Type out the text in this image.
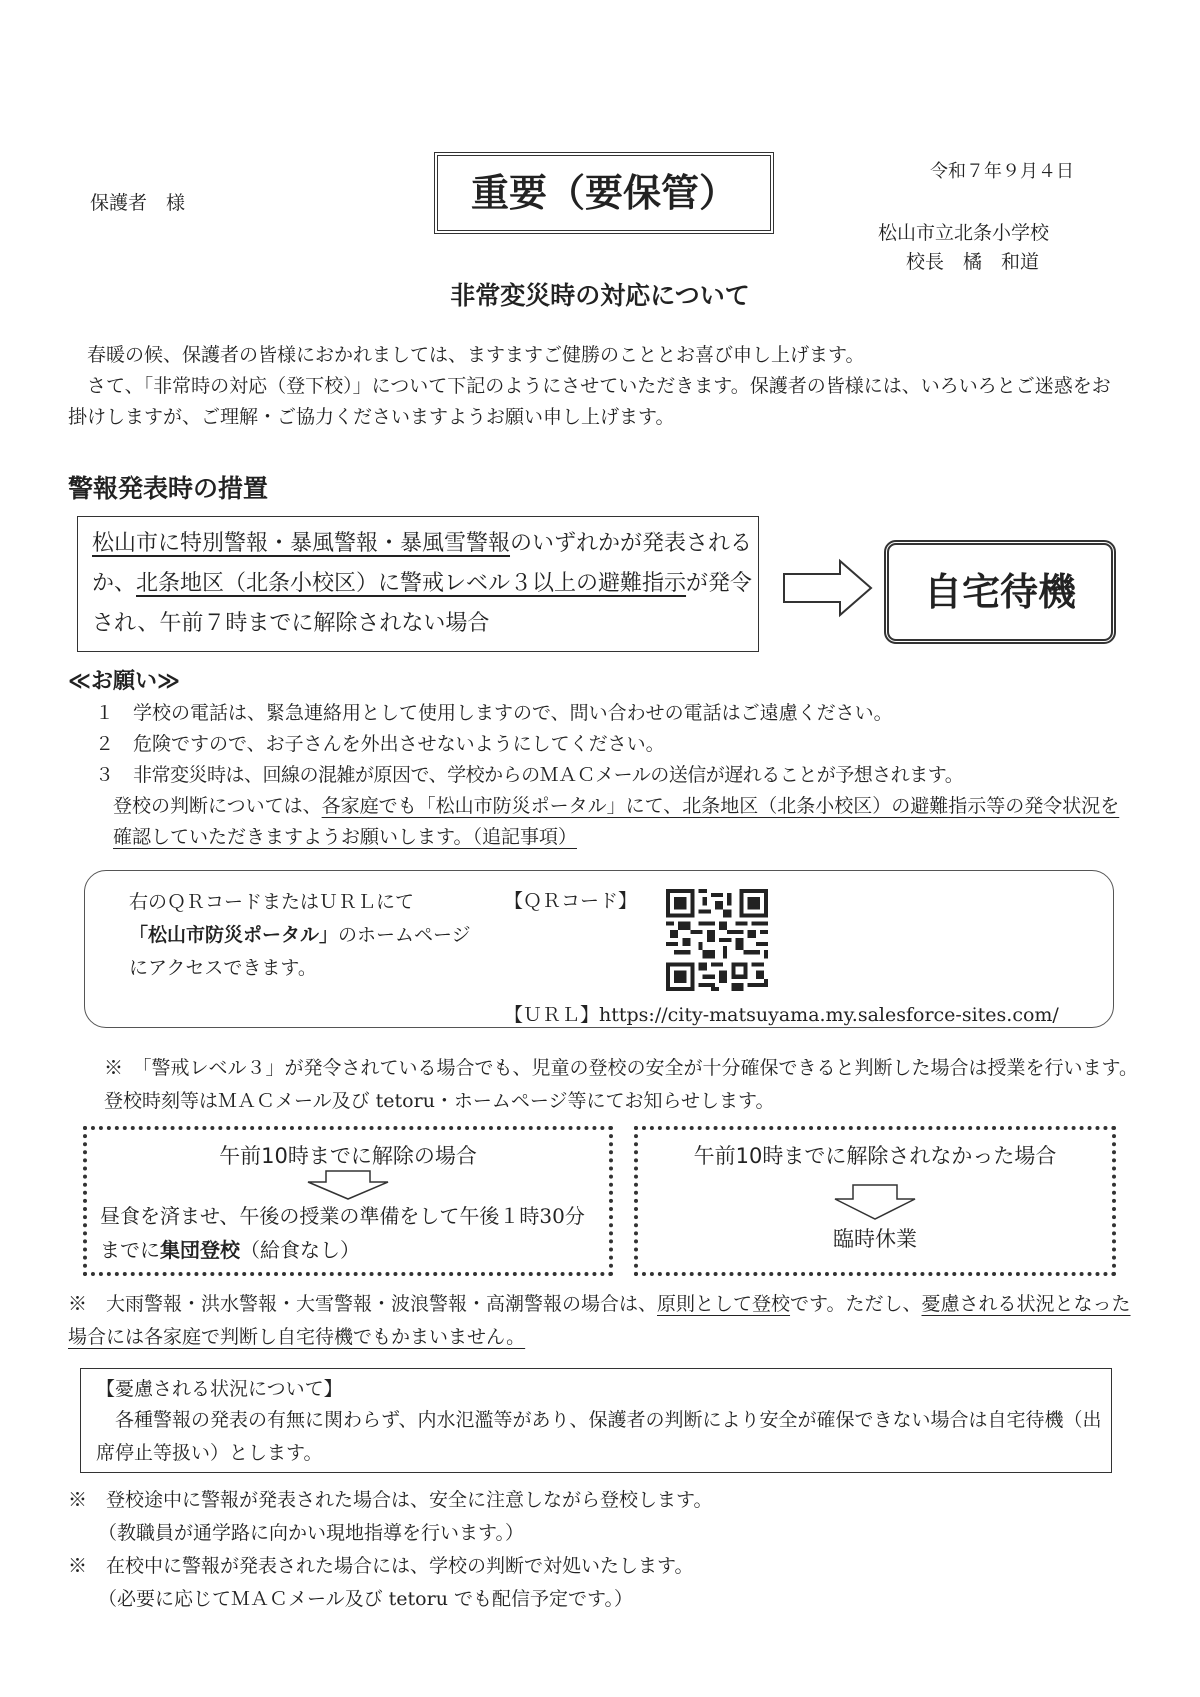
保護者　様	重要（要保管）	令和７年９月４日
松山市立北条小学校
校長　橘　和道
非常変災時の対応について

春暖の候、保護者の皆様におかれましては、ますますご健勝のこととお喜び申し上げます。

さて、「非常時の対応（登下校）」について下記のようにさせていただきます。保護者の皆様には、いろいろとご迷惑をお掛けしますが、ご理解・ご協力くださいますようお願い申し上げます。

警報発表時の措置
松山市に特別警報・暴風警報・暴風雪警報のいずれかが発表されるか、北条地区（北条小校区）に警戒レベル３以上の避難指示が発令され、午前７時までに解除されない場合
自宅待機
≪お願い≫
１ 学校の電話は、緊急連絡用として使用しますので、問い合わせの電話はご遠慮ください。
２ 危険ですので、お子さんを外出させないようにしてください。
３ 非常変災時は、回線の混雑が原因で、学校からのＭＡＣメールの送信が遅れることが予想されます。
登校の判断については、各家庭でも「松山市防災ポータル」にて、北条地区（北条小校区）の避難指示等の発令状況を確認していただきますようお願いします。（追記事項）
右のＱＲコードまたはＵＲＬにて
「松山市防災ポータル」のホームページにアクセスできます。
【ＱＲコード】
【ＵＲＬ】https://city-matsuyama.my.salesforce-sites.com/
※　「警戒レベル３」が発令されている場合でも、児童の登校の安全が十分確保できると判断した場合は授業を行います。登校時刻等はＭＡＣメール及び tetoru・ホームページ等にてお知らせします。
午前10時までに解除の場合
昼食を済ませ、午後の授業の準備をして午後１時30分までに集団登校（給食なし）
午前10時までに解除されなかった場合
臨時休業
※　大雨警報・洪水警報・大雪警報・波浪警報・高潮警報の場合は、原則として登校です。ただし、憂慮される状況となった場合には各家庭で判断し自宅待機でもかまいません。
【憂慮される状況について】
各種警報の発表の有無に関わらず、内水氾濫等があり、保護者の判断により安全が確保できない場合は自宅待機（出席停止等扱い）とします。
※　登校途中に警報が発表された場合は、安全に注意しながら登校します。
（教職員が通学路に向かい現地指導を行います。）
※　在校中に警報が発表された場合には、学校の判断で対処いたします。
（必要に応じてＭＡＣメール及び tetoru でも配信予定です。）
